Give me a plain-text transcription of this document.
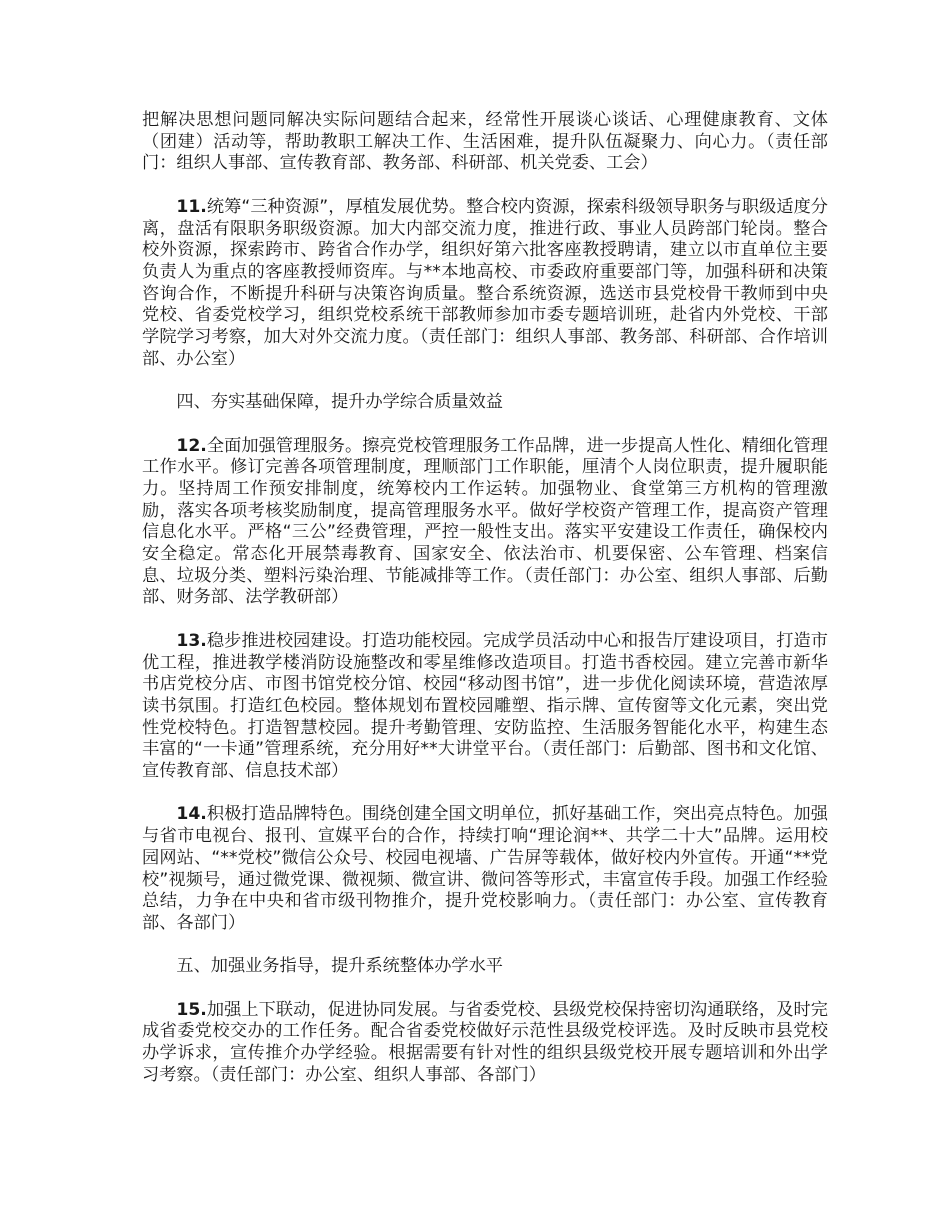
把解决思想问题同解决实际问题结合起来，经常性开展谈心谈话、心理健康教育、文体（团建）活动等，帮助教职工解决工作、生活困难，提升队伍凝聚力、向心力。（责任部门：组织人事部、宣传教育部、教务部、科研部、机关党委、工会）

11.统筹“三种资源”，厚植发展优势。整合校内资源，探索科级领导职务与职级适度分离，盘活有限职务职级资源。加大内部交流力度，推进行政、事业人员跨部门轮岗。整合校外资源，探索跨市、跨省合作办学，组织好第六批客座教授聘请，建立以市直单位主要负责人为重点的客座教授师资库。与**本地高校、市委政府重要部门等，加强科研和决策咨询合作，不断提升科研与决策咨询质量。整合系统资源，选送市县党校骨干教师到中央党校、省委党校学习，组织党校系统干部教师参加市委专题培训班，赴省内外党校、干部学院学习考察，加大对外交流力度。（责任部门：组织人事部、教务部、科研部、合作培训部、办公室）

四、夯实基础保障，提升办学综合质量效益

12.全面加强管理服务。擦亮党校管理服务工作品牌，进一步提高人性化、精细化管理工作水平。修订完善各项管理制度，理顺部门工作职能，厘清个人岗位职责，提升履职能力。坚持周工作预安排制度，统筹校内工作运转。加强物业、食堂第三方机构的管理激励，落实各项考核奖励制度，提高管理服务水平。做好学校资产管理工作，提高资产管理信息化水平。严格“三公”经费管理，严控一般性支出。落实平安建设工作责任，确保校内安全稳定。常态化开展禁毒教育、国家安全、依法治市、机要保密、公车管理、档案信息、垃圾分类、塑料污染治理、节能减排等工作。（责任部门：办公室、组织人事部、后勤部、财务部、法学教研部）

13.稳步推进校园建设。打造功能校园。完成学员活动中心和报告厅建设项目，打造市优工程，推进教学楼消防设施整改和零星维修改造项目。打造书香校园。建立完善市新华书店党校分店、市图书馆党校分馆、校园“移动图书馆”，进一步优化阅读环境，营造浓厚读书氛围。打造红色校园。整体规划布置校园雕塑、指示牌、宣传窗等文化元素，突出党性党校特色。打造智慧校园。提升考勤管理、安防监控、生活服务智能化水平，构建生态丰富的“一卡通”管理系统，充分用好**大讲堂平台。（责任部门：后勤部、图书和文化馆、宣传教育部、信息技术部）

14.积极打造品牌特色。围绕创建全国文明单位，抓好基础工作，突出亮点特色。加强与省市电视台、报刊、宣媒平台的合作，持续打响“理论润**、共学二十大”品牌。运用校园网站、“**党校”微信公众号、校园电视墙、广告屏等载体，做好校内外宣传。开通“**党校”视频号，通过微党课、微视频、微宣讲、微问答等形式，丰富宣传手段。加强工作经验总结，力争在中央和省市级刊物推介，提升党校影响力。（责任部门：办公室、宣传教育部、各部门）

五、加强业务指导，提升系统整体办学水平

15.加强上下联动，促进协同发展。与省委党校、县级党校保持密切沟通联络，及时完成省委党校交办的工作任务。配合省委党校做好示范性县级党校评选。及时反映市县党校办学诉求，宣传推介办学经验。根据需要有针对性的组织县级党校开展专题培训和外出学习考察。（责任部门：办公室、组织人事部、各部门）
